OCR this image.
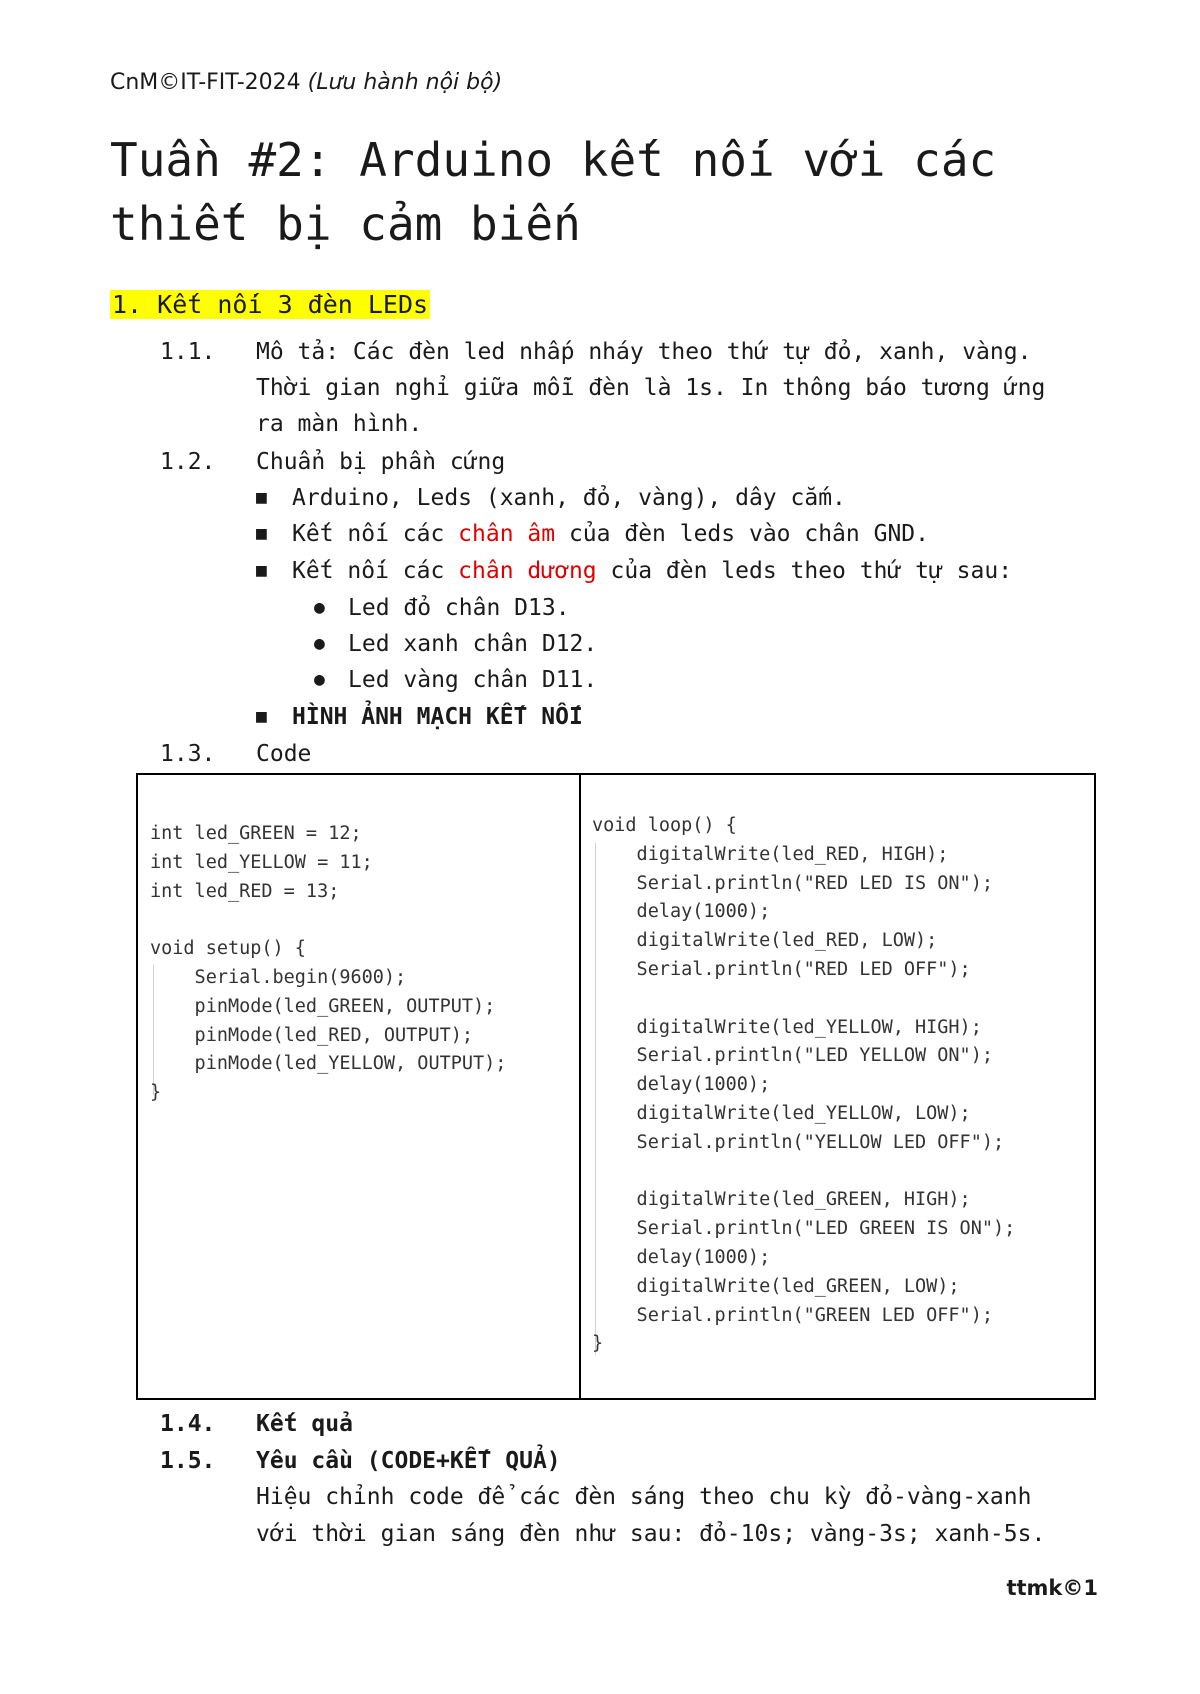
CnM©IT-FIT-2024 (Lưu hành nội bộ)
Tuần #2: Arduino kết nối với các thiết bị cảm biến
1. Kết nối 3 đèn LEDs
1.1. Mô tả: Các đèn led nhấp nháy theo thứ tự đỏ, xanh, vàng.
Thời gian nghỉ giữa mỗi đèn là 1s. In thông báo tương ứng
ra màn hình.
1.2. Chuẩn bị phần cứng
■ Arduino, Leds (xanh, đỏ, vàng), dây cắm.
■ Kết nối các chân âm của đèn leds vào chân GND.
■ Kết nối các chân dương của đèn leds theo thứ tự sau:
● Led đỏ chân D13.
● Led xanh chân D12.
● Led vàng chân D11.
■ HÌNH ẢNH MẠCH KẾT NỐI
1.3. Code
int led_GREEN = 12;
int led_YELLOW = 11;
int led_RED = 13;

void setup() {
Serial.begin(9600);
pinMode(led_GREEN, OUTPUT);
pinMode(led_RED, OUTPUT);
pinMode(led_YELLOW, OUTPUT);
}
void loop() {
digitalWrite(led_RED, HIGH);
Serial.println("RED LED IS ON");
delay(1000);
digitalWrite(led_RED, LOW);
Serial.println("RED LED OFF");

digitalWrite(led_YELLOW, HIGH);
Serial.println("LED YELLOW ON");
delay(1000);
digitalWrite(led_YELLOW, LOW);
Serial.println("YELLOW LED OFF");

digitalWrite(led_GREEN, HIGH);
Serial.println("LED GREEN IS ON");
delay(1000);
digitalWrite(led_GREEN, LOW);
Serial.println("GREEN LED OFF");
}
1.4. Kết quả
1.5. Yêu cầu (CODE+KẾT QUẢ)
Hiệu chỉnh code để các đèn sáng theo chu kỳ đỏ-vàng-xanh
với thời gian sáng đèn như sau: đỏ-10s; vàng-3s; xanh-5s.
ttmk©1
